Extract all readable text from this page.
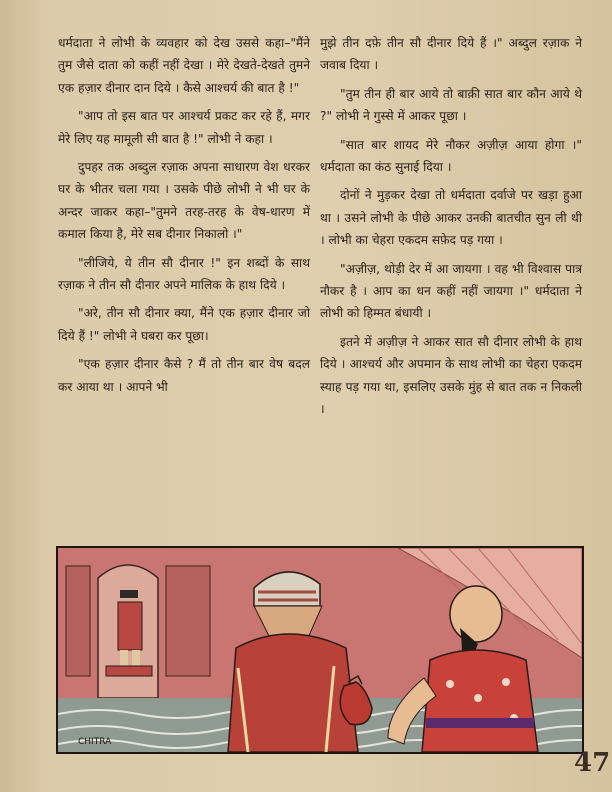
धर्मदाता ने लोभी के व्यवहार को देख उससे कहा–"मैंने तुम जैसे दाता को कहीं नहीं देखा । मेरे देखते-देखते तुमने एक हज़ार दीनार दान दिये । कैसे आश्चर्य की बात है !"

"आप तो इस बात पर आश्चर्य प्रकट कर रहे हैं, मगर मेरे लिए यह मामूली सी बात है !" लोभी ने कहा ।

दुपहर तक अब्दुल रज़ाक अपना साधारण वेश धरकर घर के भीतर चला गया । उसके पीछे लोभी ने भी घर के अन्दर जाकर कहा–"तुमने तरह-तरह के वेष-धारण में कमाल किया है, मेरे सब दीनार निकालो ।"

"लीजिये, ये तीन सौ दीनार !" इन शब्दों के साथ रज़ाक ने तीन सौ दीनार अपने मालिक के हाथ दिये ।

"अरे, तीन सौ दीनार क्या, मैंने एक हज़ार दीनार जो दिये हैं !" लोभी ने घबरा कर पूछा।

"एक हज़ार दीनार कैसे ? मैं तो तीन बार वेष बदल कर आया था । आपने भी

मुझे तीन दफ़े तीन सौ दीनार दिये हैं ।" अब्दुल रज़ाक ने जवाब दिया ।

"तुम तीन ही बार आये तो बाक़ी सात बार कौन आये थे ?" लोभी ने गुस्से में आकर पूछा ।

"सात बार शायद मेरे नौकर अज़ीज़ आया होगा ।" धर्मदाता का कंठ सुनाई दिया ।

दोनों ने मुड़कर देखा तो धर्मदाता दर्वाजे पर खड़ा हुआ था । उसने लोभी के पीछे आकर उनकी बातचीत सुन ली थी । लोभी का चेहरा एकदम सफ़ेद पड़ गया ।

"अज़ीज़, थोड़ी देर में आ जायगा । वह भी विश्वास पात्र नौकर है । आप का धन कहीं नहीं जायगा ।" धर्मदाता ने लोभी को हिम्मत बंधायी ।

इतने में अज़ीज़ ने आकर सात सौ दीनार लोभी के हाथ दिये । आश्चर्य और अपमान के साथ लोभी का चेहरा एकदम स्याह पड़ गया था, इसलिए उसके मुंह से बात तक न निकली ।

CHITRA
47
